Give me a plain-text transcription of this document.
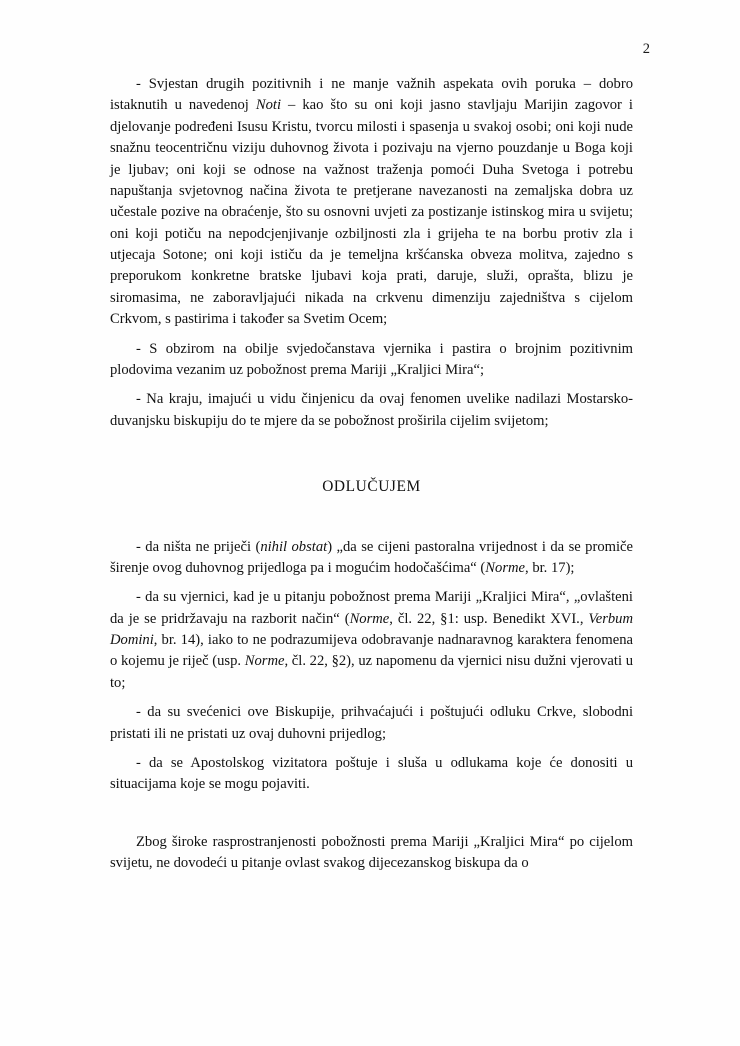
2

- Svjestan drugih pozitivnih i ne manje važnih aspekata ovih poruka – dobro istaknutih u navedenoj Noti – kao što su oni koji jasno stavljaju Marijin zagovor i djelovanje podređeni Isusu Kristu, tvorcu milosti i spasenja u svakoj osobi; oni koji nude snažnu teocentričnu viziju duhovnog života i pozivaju na vjerno pouzdanje u Boga koji je ljubav; oni koji se odnose na važnost traženja pomoći Duha Svetoga i potrebu napuštanja svjetovnog načina života te pretjerane navezanosti na zemaljska dobra uz učestale pozive na obraćenje, što su osnovni uvjeti za postizanje istinskog mira u svijetu; oni koji potiču na nepodcjenjivanje ozbiljnosti zla i grijeha te na borbu protiv zla i utjecaja Sotone; oni koji ističu da je temeljna kršćanska obveza molitva, zajedno s preporukom konkretne bratske ljubavi koja prati, daruje, služi, oprašta, blizu je siromasima, ne zaboravljajući nikada na crkvenu dimenziju zajedništva s cijelom Crkvom, s pastirima i također sa Svetim Ocem;

- S obzirom na obilje svjedočanstava vjernika i pastira o brojnim pozitivnim plodovima vezanim uz pobožnost prema Mariji „Kraljici Mira“;

- Na kraju, imajući u vidu činjenicu da ovaj fenomen uvelike nadilazi Mostarsko-duvanjsku biskupiju do te mjere da se pobožnost proširila cijelim svijetom;

ODLUČUJEM

- da ništa ne priječi (nihil obstat) „da se cijeni pastoralna vrijednost i da se promiče širenje ovog duhovnog prijedloga pa i mogućim hodočašćima“ (Norme, br. 17);

- da su vjernici, kad je u pitanju pobožnost prema Mariji „Kraljici Mira“, „ovlašteni da je se pridržavaju na razborit način“ (Norme, čl. 22, §1: usp. Benedikt XVI., Verbum Domini, br. 14), iako to ne podrazumijeva odobravanje nadnaravnog karaktera fenomena o kojemu je riječ (usp. Norme, čl. 22, §2), uz napomenu da vjernici nisu dužni vjerovati u to;

- da su svećenici ove Biskupije, prihvaćajući i poštujući odluku Crkve, slobodni pristati ili ne pristati uz ovaj duhovni prijedlog;

- da se Apostolskog vizitatora poštuje i sluša u odlukama koje će donositi u situacijama koje se mogu pojaviti.

Zbog široke rasprostranjenosti pobožnosti prema Mariji „Kraljici Mira“ po cijelom svijetu, ne dovodeći u pitanje ovlast svakog dijecezanskog biskupa da o
